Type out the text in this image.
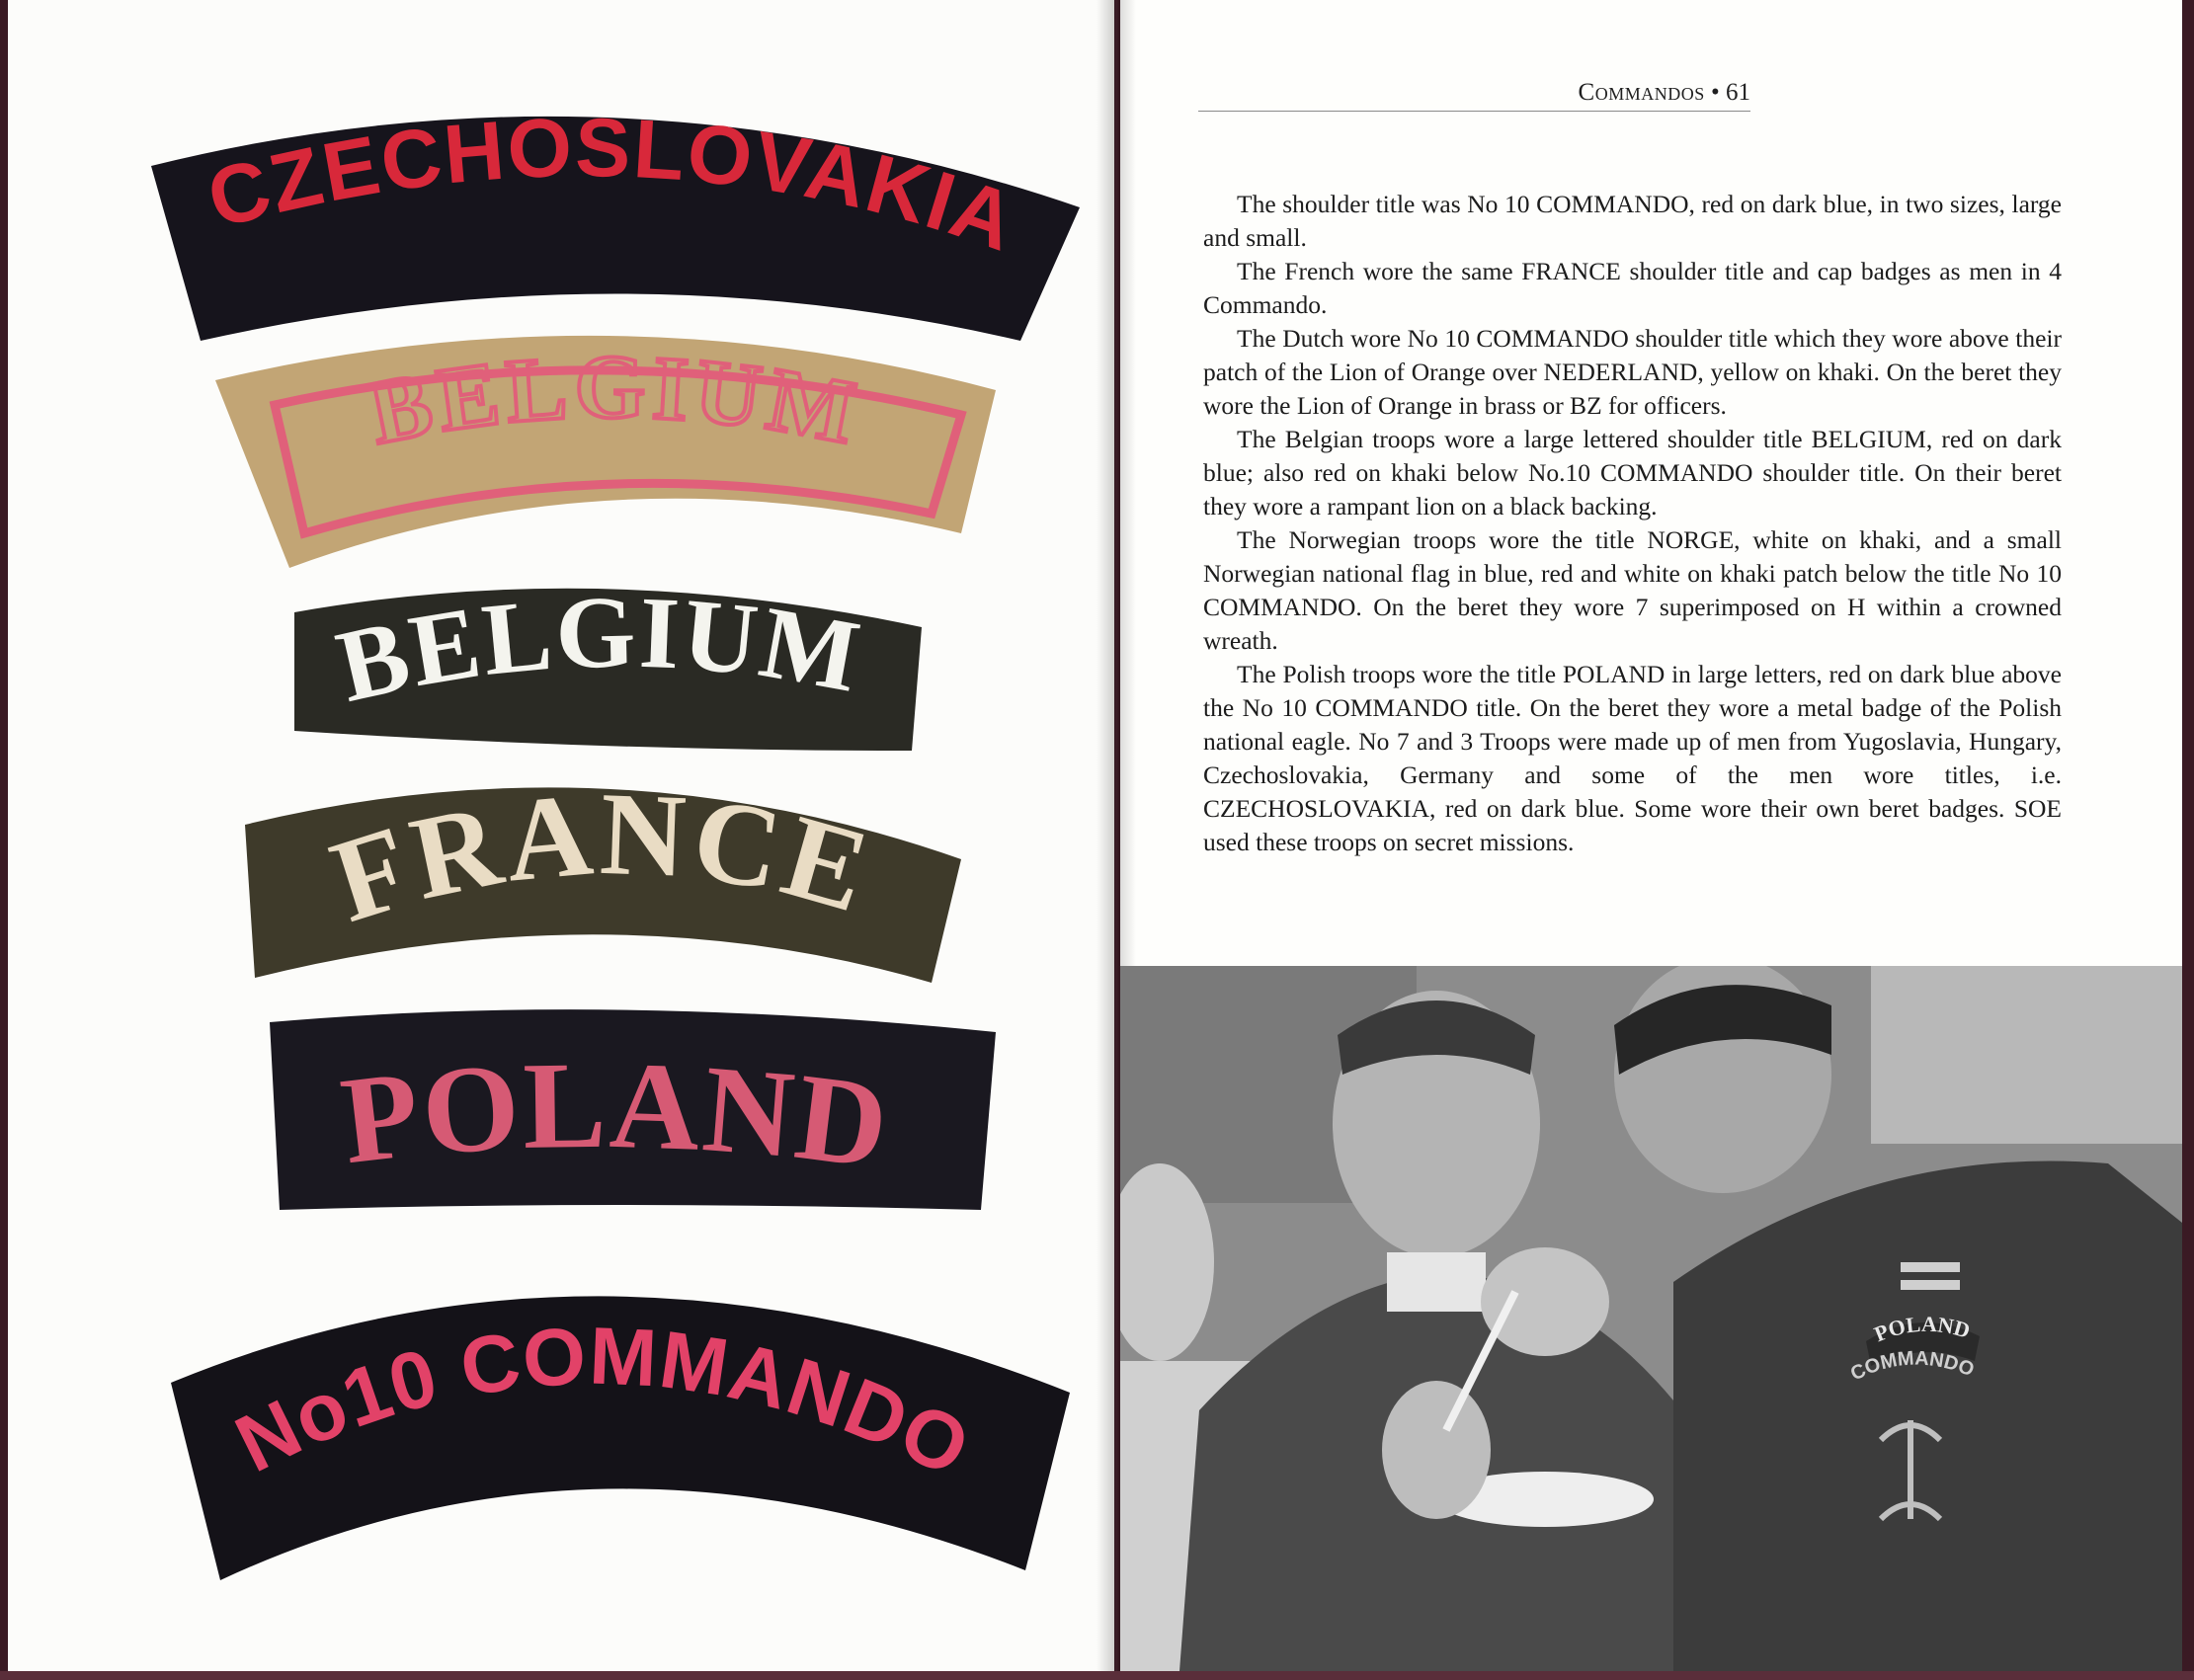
CZECHOSLOVAKIA
BELGIUM
BELGIUM
FRANCE
POLAND
No10 COMMANDO
Commandos • 61

The shoulder title was No 10 COMMANDO, red on dark blue, in two sizes, large and small.

The French wore the same FRANCE shoulder title and cap badges as men in 4 Commando.

The Dutch wore No 10 COMMANDO shoulder title which they wore above their patch of the Lion of Orange over NEDERLAND, yellow on khaki. On the beret they wore the Lion of Orange in brass or BZ for officers.

The Belgian troops wore a large lettered shoulder title BELGIUM, red on dark blue; also red on khaki below No.10 COMMANDO shoulder title. On their beret they wore a rampant lion on a black backing.

The Norwegian troops wore the title NORGE, white on khaki, and a small Norwegian national flag in blue, red and white on khaki patch below the title No 10 COMMANDO. On the beret they wore 7 superimposed on H within a crowned wreath.

The Polish troops wore the title POLAND in large letters, red on dark blue above the No 10 COMMANDO title. On the beret they wore a metal badge of the Polish national eagle. No 7 and 3 Troops were made up of men from Yugoslavia, Hungary, Czechoslovakia, Germany and some of the men wore titles, i.e. CZECHOSLOVAKIA, red on dark blue. Some wore their own beret badges. SOE used these troops on secret missions.

POLAND
COMMANDO
